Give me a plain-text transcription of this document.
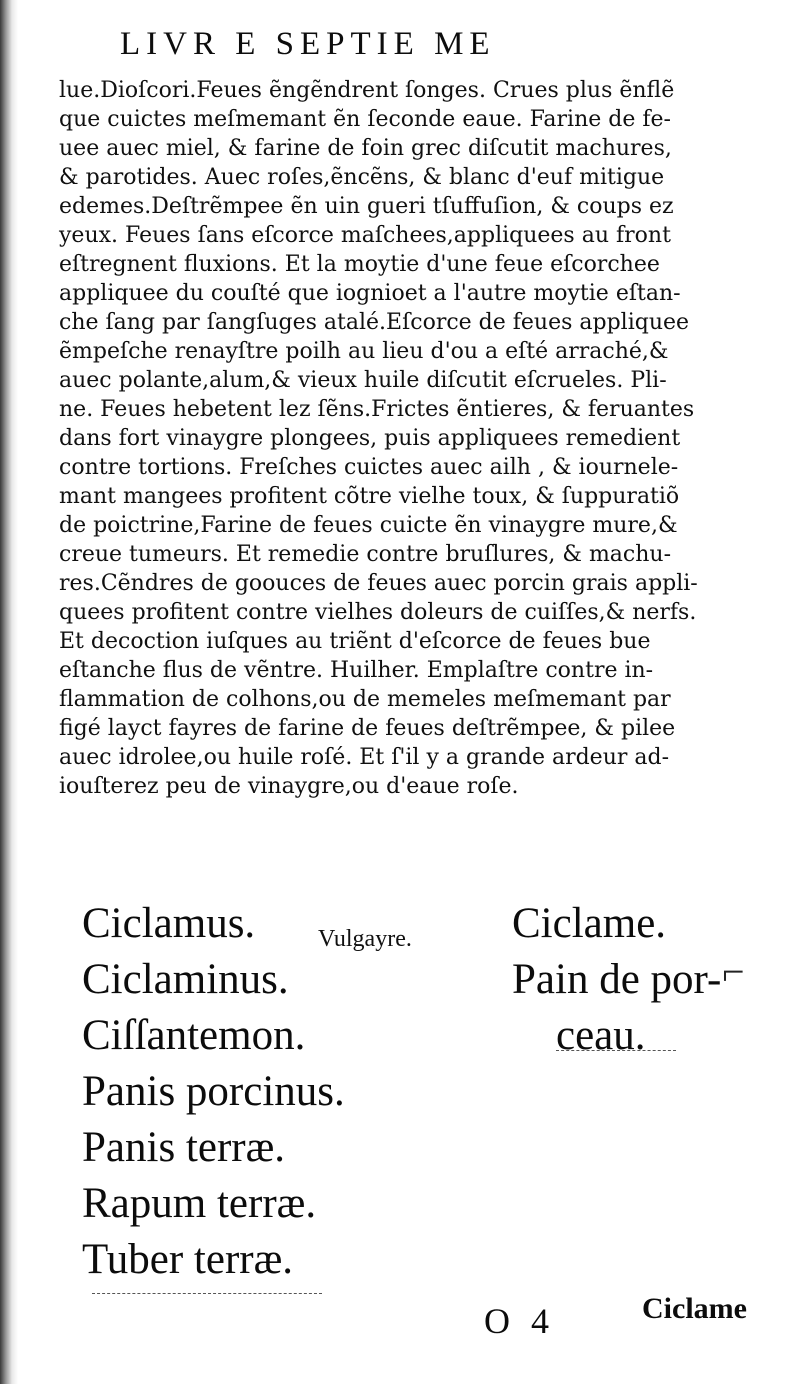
LIVR E SEPTIE ME
lue.Dioſcori.Feues ẽngẽndrent ſonges. Crues plus ẽnflẽ
que cuictes meſmemant ẽn ſeconde eaue. Farine de fe-
uee auec miel, & farine de foin grec diſcutit machures,
& parotides. Auec roſes,ẽncẽns, & blanc d'euf mitigue
edemes.Deſtrẽmpee ẽn uin gueri tſuffuſion, & coups ez
yeux. Feues ſans eſcorce maſchees,appliquees au front
eſtregnent fluxions. Et la moytie d'une feue eſcorchee
appliquee du couſté que iognioet a l'autre moytie eſtan-
che ſang par ſangſuges atalé.Eſcorce de feues appliquee
ẽmpeſche renayſtre poilh au lieu d'ou a eſté arraché,&
auec polante,alum,& vieux huile diſcutit eſcrueles. Pli-
ne. Feues hebetent lez ſẽns.Frictes ẽntieres, & feruantes
dans fort vinaygre plongees, puis appliquees remedient
contre tortions. Freſches cuictes auec ailh , & iournele-
mant mangees profitent cõtre vielhe toux, & ſuppuratiõ
de poictrine,Farine de feues cuicte ẽn vinaygre mure,&
creue tumeurs. Et remedie contre bruſlures, & machu-
res.Cẽndres de goouces de feues auec porcin grais appli-
quees profitent contre vielhes doleurs de cuiſſes,& nerfs.
Et decoction iuſques au triẽnt d'eſcorce de feues bue
eſtanche flus de vẽntre. Huilher. Emplaſtre contre in-
flammation de colhons,ou de memeles meſmemant par
figé layct fayres de farine de feues deſtrẽmpee, & pilee
auec idrolee,ou huile roſé. Et ſ'il y a grande ardeur ad-
iouſterez peu de vinaygre,ou d'eaue roſe.
Ciclamus.
Ciclaminus.
Ciſſantemon.
Panis porcinus.
Panis terræ.
Rapum terræ.
Tuber terræ.
Vulgayre. Ciclame.
Pain de por-
ceau.
⌐
O 4	Ciclame
